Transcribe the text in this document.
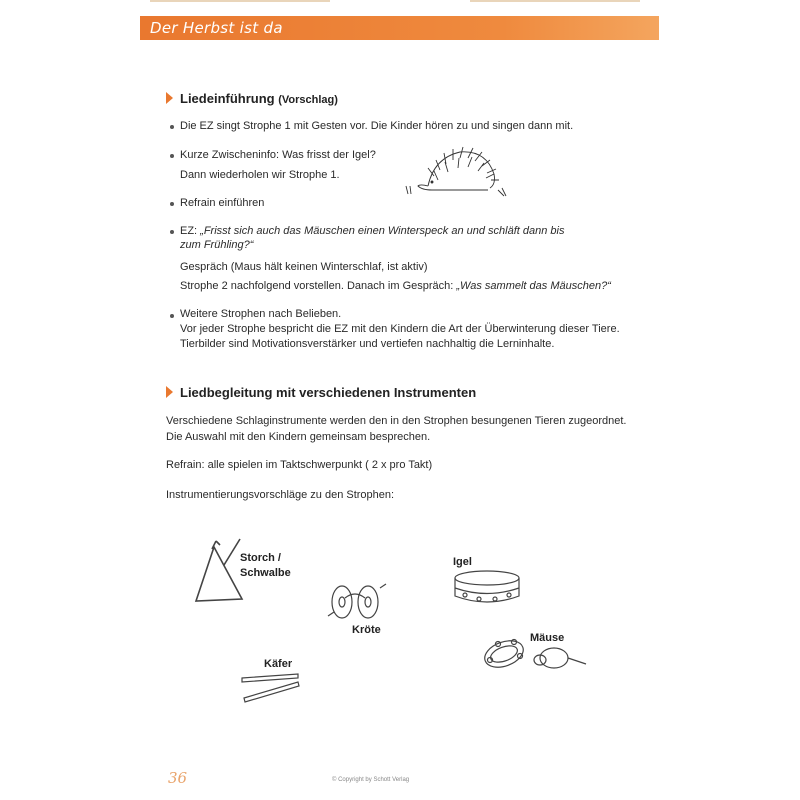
Der Herbst ist da
Liedeinführung (Vorschlag)
Die EZ singt Strophe 1 mit Gesten vor. Die Kinder hören zu und singen dann mit.
Kurze Zwischeninfo: Was frisst der Igel?
Dann wiederholen wir Strophe 1.
Refrain einführen
EZ: „Frisst sich auch das Mäuschen einen Winterspeck an und schläft dann bis
zum Frühling?“
Gespräch (Maus hält keinen Winterschlaf, ist aktiv)
Strophe 2 nachfolgend vorstellen. Danach im Gespräch: „Was sammelt das Mäuschen?“
Weitere Strophen nach Belieben.
Vor jeder Strophe bespricht die EZ mit den Kindern die Art der Überwinterung dieser Tiere.
Tierbilder sind Motivationsverstärker und vertiefen nachhaltig die Lerninhalte.
Liedbegleitung mit verschiedenen Instrumenten
Verschiedene Schlaginstrumente werden den in den Strophen besungenen Tieren zugeordnet.
Die Auswahl mit den Kindern gemeinsam besprechen.
Refrain: alle spielen im Taktschwerpunkt ( 2 x pro Takt)
Instrumentierungsvorschläge zu den Strophen:
Storch /
Schwalbe
Kröte
Igel
Mäuse
Käfer
36	© Copyright by Schott Verlag
